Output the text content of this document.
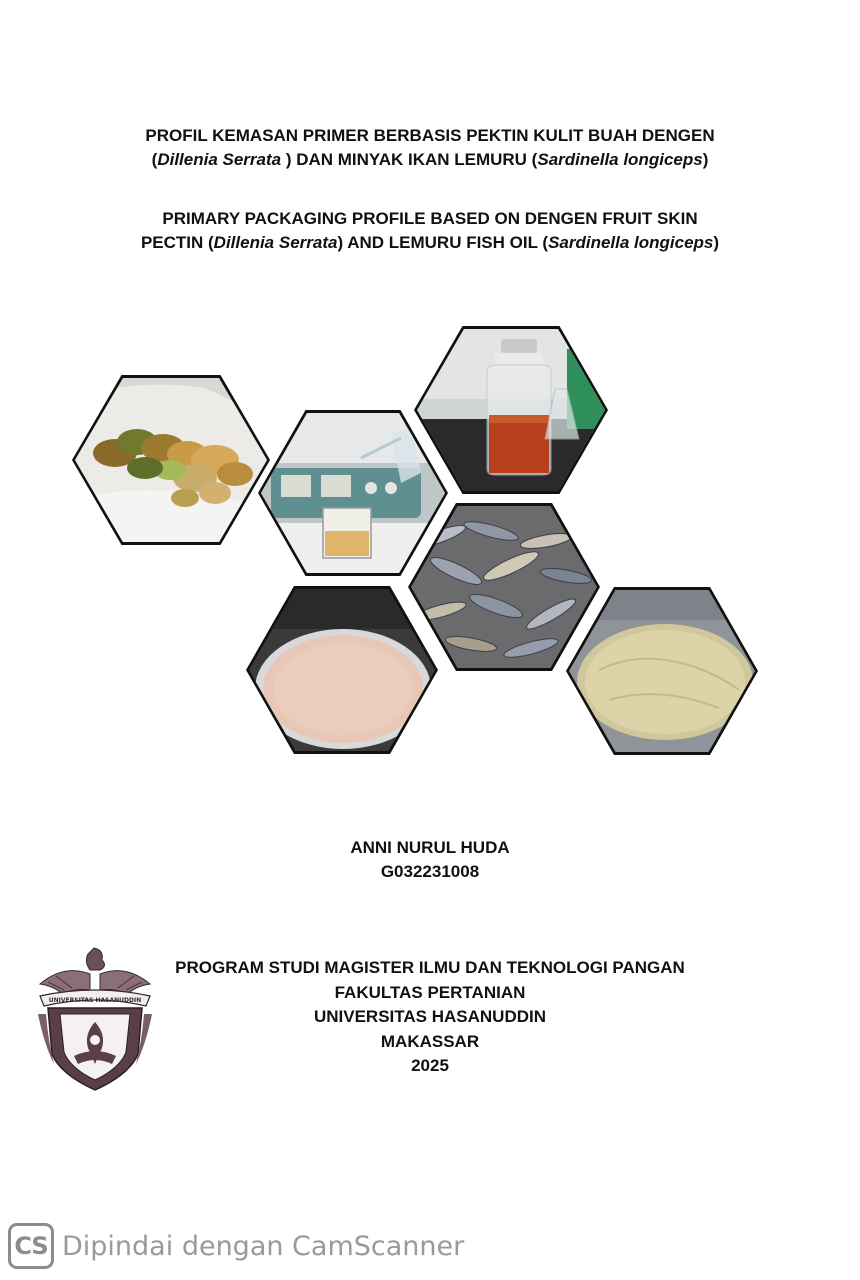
PROFIL KEMASAN PRIMER BERBASIS PEKTIN KULIT BUAH DENGEN
(Dillenia Serrata ) DAN MINYAK IKAN LEMURU (Sardinella longiceps)
PRIMARY PACKAGING PROFILE BASED ON DENGEN FRUIT SKIN
PECTIN (Dillenia Serrata) AND LEMURU FISH OIL (Sardinella longiceps)
ANNI NURUL HUDA
G032231008
UNIVERSITAS HASANUDDIN
PROGRAM STUDI MAGISTER ILMU DAN TEKNOLOGI PANGAN
FAKULTAS PERTANIAN
UNIVERSITAS HASANUDDIN
MAKASSAR
2025
CS Dipindai dengan CamScanner
